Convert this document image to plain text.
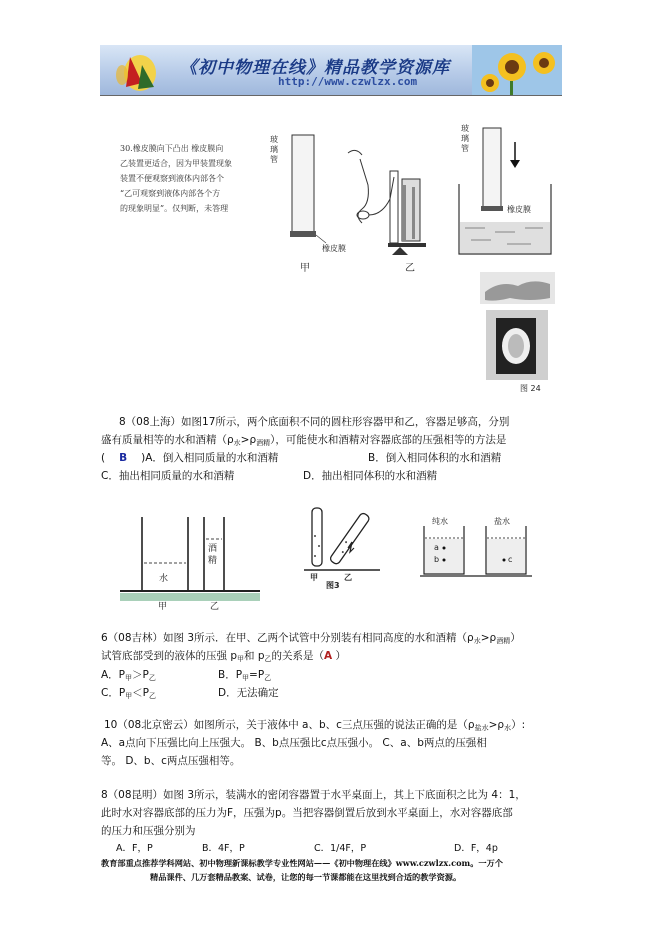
《初中物理在线》精品教学资源库
http://www.czwlzx.com
30.橡皮膜向下凸出 橡皮膜向
乙装置更适合，因为甲装置现象
装置不便观察到液体内部各个
“乙可观察到液体内部各个方
的现象明显”。仅判断，未答理
玻璃管
橡皮膜
甲	乙
玻璃管
橡皮膜
图 24
8（08上海）如图17所示，两个底面积不同的圆柱形容器甲和乙，容器足够高，分别
盛有质量相等的水和酒精$(\rho_水>\rho_{酒精})$，可能使水和酒精对容器底部的压强相等的方法是
( B )A．倒入相同质量的水和酒精	B．倒入相同体积的水和酒精
C．抽出相同质量的水和酒精	D．抽出相同体积的水和酒精
水
酒精
甲	乙
甲	乙
图3
纯水	盐水
a
b	c
6（08吉林）如图 3所示．在甲、乙两个试管中分别装有相同高度的水和酒精$(\rho_水>\rho_{酒精})$
试管底部受到的液体的压强 $p_甲$和 $p_乙$的关系是（A ）
A．$P_甲>P_乙$	B．$P_甲=P_乙$
C．$P_甲<P_乙$	D．无法确定
10（08北京密云）如图所示，关于液体中 a、b、c三点压强的说法正确的是$(\rho_{盐水}>\rho_水)$:
A、a点向下压强比向上压强大。 B、b点压强比c点压强小。 C、a、b两点的压强相
等。 D、b、c两点压强相等。
8（08昆明）如图 3所示，装满水的密闭容器置于水平桌面上，其上下底面积之比为 4：1，
此时水对容器底部的压力为F，压强为p。当把容器倒置后放到水平桌面上，水对容器底部
的压力和压强分别为
A．F，P	B．4F，P	C．1/4F，P	D．F，4p
教育部重点推荐学科网站、初中物理新课标教学专业性网站——《初中物理在线》www.czwlzx.com。一万个
精品课件、几万套精品教案、试卷，让您的每一节课都能在这里找到合适的教学资源。
